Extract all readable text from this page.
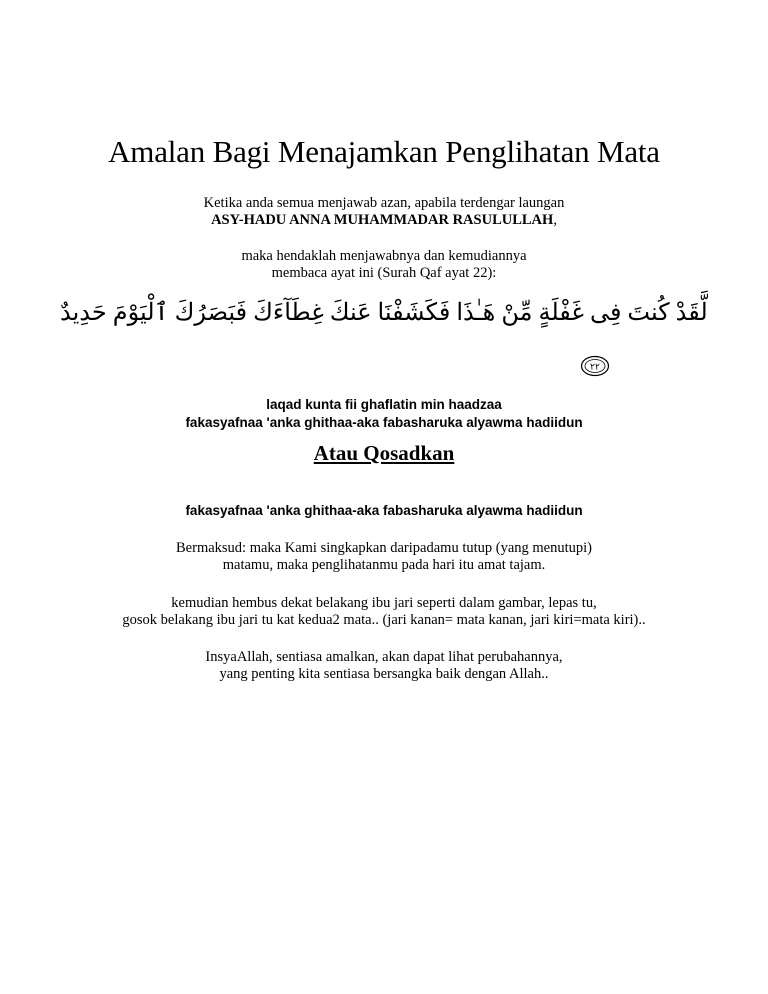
Amalan Bagi Menajamkan Penglihatan Mata
Ketika anda semua menjawab azan, apabila terdengar laungan
ASY-HADU ANNA MUHAMMADAR RASULULLAH,
maka hendaklah menjawabnya dan kemudiannya
membaca ayat ini (Surah Qaf ayat 22):
لَّقَدْ كُنتَ فِى غَفْلَةٍ مِّنْ هَـٰذَا فَكَشَفْنَا عَنكَ غِطَآءَكَ فَبَصَرُكَ ٱلْيَوْمَ حَدِيدٌ
٢٢
laqad kunta fii ghaflatin min haadzaa
fakasyafnaa 'anka ghithaa-aka fabasharuka alyawma hadiidun
Atau Qosadkan
fakasyafnaa 'anka ghithaa-aka fabasharuka alyawma hadiidun
Bermaksud: maka Kami singkapkan daripadamu tutup (yang menutupi)
matamu, maka penglihatanmu pada hari itu amat tajam.
kemudian hembus dekat belakang ibu jari seperti dalam gambar, lepas tu,
gosok belakang ibu jari tu kat kedua2 mata.. (jari kanan= mata kanan, jari kiri=mata kiri)..
InsyaAllah, sentiasa amalkan, akan dapat lihat perubahannya,
yang penting kita sentiasa bersangka baik dengan Allah..
